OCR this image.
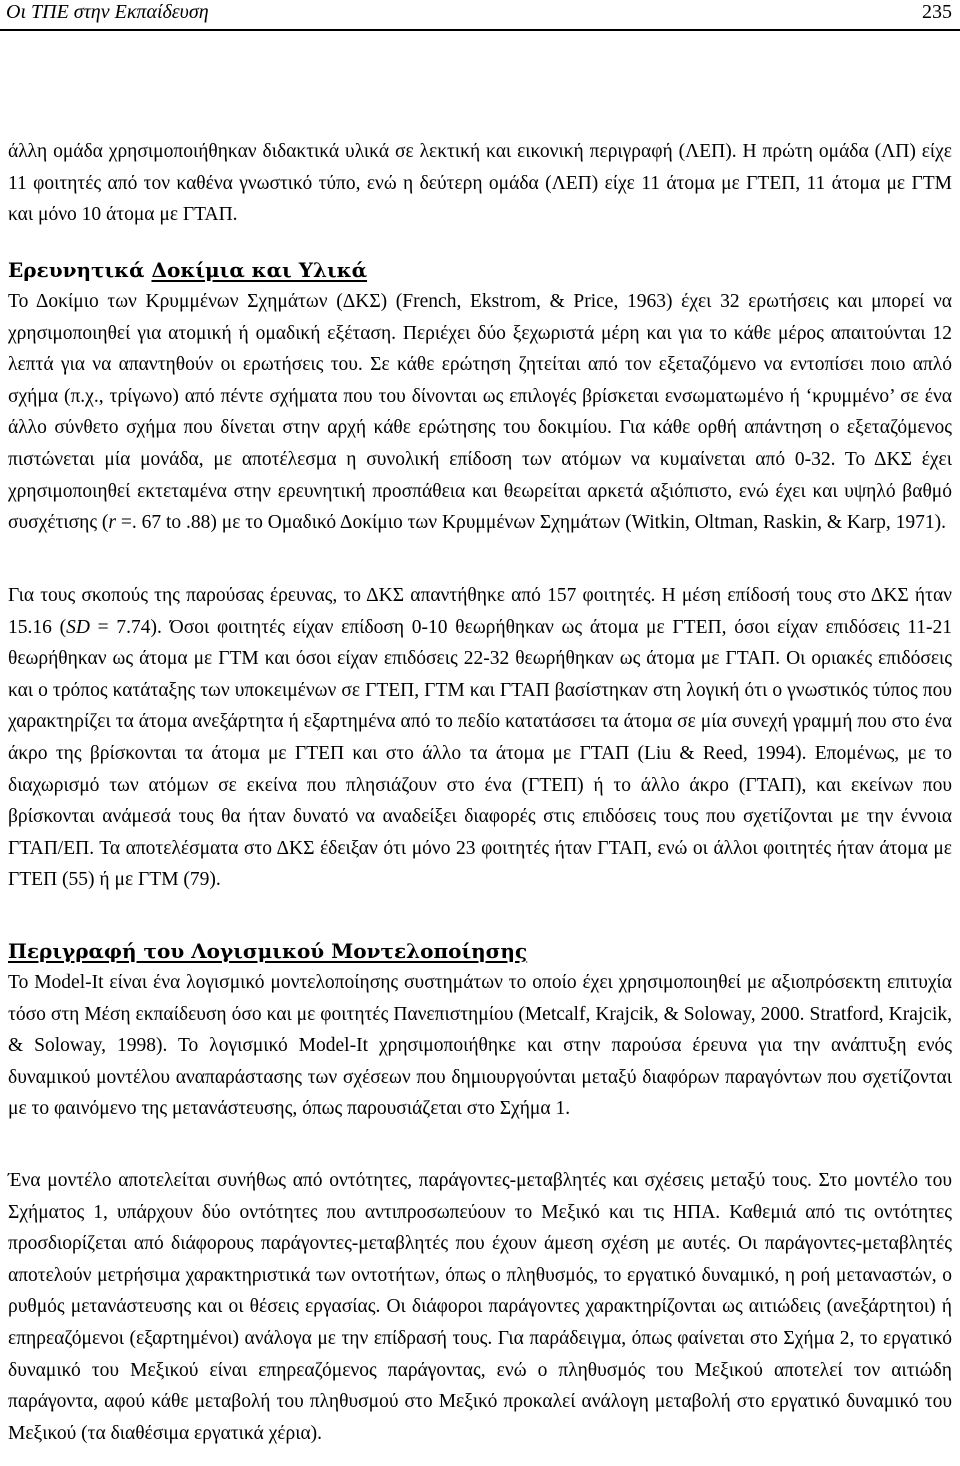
Οι ΤΠΕ στην Εκπαίδευση	235

άλλη ομάδα χρησιμοποιήθηκαν διδακτικά υλικά σε λεκτική και εικονική περιγραφή (ΛΕΠ). Η πρώτη ομάδα (ΛΠ) είχε 11 φοιτητές από τον καθένα γνωστικό τύπο, ενώ η δεύτερη ομάδα (ΛΕΠ) είχε 11 άτομα με ΓΤΕΠ, 11 άτομα με ΓΤΜ και μόνο 10 άτομα με ΓΤΑΠ.

Ερευνητικά Δοκίμια και Υλικά

Το Δοκίμιο των Κρυμμένων Σχημάτων (ΔΚΣ) (French, Ekstrom, & Price, 1963) έχει 32 ερωτήσεις και μπορεί να χρησιμοποιηθεί για ατομική ή ομαδική εξέταση. Περιέχει δύο ξεχωριστά μέρη και για το κάθε μέρος απαιτούνται 12 λεπτά για να απαντηθούν οι ερωτήσεις του. Σε κάθε ερώτηση ζητείται από τον εξεταζόμενο να εντοπίσει ποιο απλό σχήμα (π.χ., τρίγωνο) από πέντε σχήματα που του δίνονται ως επιλογές βρίσκεται ενσωματωμένο ή ‘κρυμμένο’ σε ένα άλλο σύνθετο σχήμα που δίνεται στην αρχή κάθε ερώτησης του δοκιμίου. Για κάθε ορθή απάντηση ο εξεταζόμενος πιστώνεται μία μονάδα, με αποτέλεσμα η συνολική επίδοση των ατόμων να κυμαίνεται από 0-32. Το ΔΚΣ έχει χρησιμοποιηθεί εκτεταμένα στην ερευνητική προσπάθεια και θεωρείται αρκετά αξιόπιστο, ενώ έχει και υψηλό βαθμό συσχέτισης (r =. 67 to .88) με το Ομαδικό Δοκίμιο των Κρυμμένων Σχημάτων (Witkin, Oltman, Raskin, & Karp, 1971).

Για τους σκοπούς της παρούσας έρευνας, το ΔΚΣ απαντήθηκε από 157 φοιτητές. Η μέση επίδοσή τους στο ΔΚΣ ήταν 15.16 (SD = 7.74). Όσοι φοιτητές είχαν επίδοση 0-10 θεωρήθηκαν ως άτομα με ΓΤΕΠ, όσοι είχαν επιδόσεις 11-21 θεωρήθηκαν ως άτομα με ΓΤΜ και όσοι είχαν επιδόσεις 22-32 θεωρήθηκαν ως άτομα με ΓΤΑΠ. Οι οριακές επιδόσεις και ο τρόπος κατάταξης των υποκειμένων σε ΓΤΕΠ, ΓΤΜ και ΓΤΑΠ βασίστηκαν στη λογική ότι ο γνωστικός τύπος που χαρακτηρίζει τα άτομα ανεξάρτητα ή εξαρτημένα από το πεδίο κατατάσσει τα άτομα σε μία συνεχή γραμμή που στο ένα άκρο της βρίσκονται τα άτομα με ΓΤΕΠ και στο άλλο τα άτομα με ΓΤΑΠ (Liu & Reed, 1994). Επομένως, με το διαχωρισμό των ατόμων σε εκείνα που πλησιάζουν στο ένα (ΓΤΕΠ) ή το άλλο άκρο (ΓΤΑΠ), και εκείνων που βρίσκονται ανάμεσά τους θα ήταν δυνατό να αναδείξει διαφορές στις επιδόσεις τους που σχετίζονται με την έννοια ΓΤΑΠ/ΕΠ. Τα αποτελέσματα στο ΔΚΣ έδειξαν ότι μόνο 23 φοιτητές ήταν ΓΤΑΠ, ενώ οι άλλοι φοιτητές ήταν άτομα με ΓΤΕΠ (55) ή με ΓΤΜ (79).

Περιγραφή του Λογισμικού Μοντελοποίησης

Το Model-It είναι ένα λογισμικό μοντελοποίησης συστημάτων το οποίο έχει χρησιμοποιηθεί με αξιοπρόσεκτη επιτυχία τόσο στη Μέση εκπαίδευση όσο και με φοιτητές Πανεπιστημίου (Metcalf, Krajcik, & Soloway, 2000. Stratford, Krajcik, & Soloway, 1998). Το λογισμικό Model-It χρησιμοποιήθηκε και στην παρούσα έρευνα για την ανάπτυξη ενός δυναμικού μοντέλου αναπαράστασης των σχέσεων που δημιουργούνται μεταξύ διαφόρων παραγόντων που σχετίζονται με το φαινόμενο της μετανάστευσης, όπως παρουσιάζεται στο Σχήμα 1.

Ένα μοντέλο αποτελείται συνήθως από οντότητες, παράγοντες-μεταβλητές και σχέσεις μεταξύ τους. Στο μοντέλο του Σχήματος 1, υπάρχουν δύο οντότητες που αντιπροσωπεύουν το Μεξικό και τις ΗΠΑ. Καθεμιά από τις οντότητες προσδιορίζεται από διάφορους παράγοντες-μεταβλητές που έχουν άμεση σχέση με αυτές. Οι παράγοντες-μεταβλητές αποτελούν μετρήσιμα χαρακτηριστικά των οντοτήτων, όπως ο πληθυσμός, το εργατικό δυναμικό, η ροή μεταναστών, ο ρυθμός μετανάστευσης και οι θέσεις εργασίας. Οι διάφοροι παράγοντες χαρακτηρίζονται ως αιτιώδεις (ανεξάρτητοι) ή επηρεαζόμενοι (εξαρτημένοι) ανάλογα με την επίδρασή τους. Για παράδειγμα, όπως φαίνεται στο Σχήμα 2, το εργατικό δυναμικό του Μεξικού είναι επηρεαζόμενος παράγοντας, ενώ ο πληθυσμός του Μεξικού αποτελεί τον αιτιώδη παράγοντα, αφού κάθε μεταβολή του πληθυσμού στο Μεξικό προκαλεί ανάλογη μεταβολή στο εργατικό δυναμικό του Μεξικού (τα διαθέσιμα εργατικά χέρια).
